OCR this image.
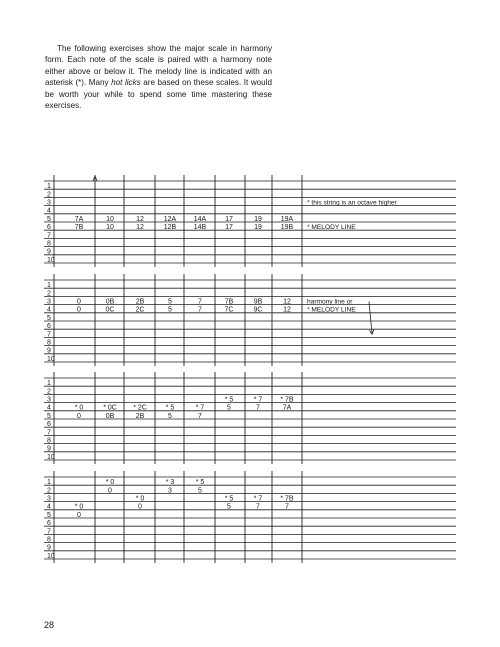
The following exercises show the major scale in harmony form. Each note of the scale is paired with a harmony note either above or below it. The melody line is indicated with an asterisk (*). Many hot licks are based on these scales. It would be worth your while to spend some time mastering these exercises.

1
2
3
4
5
6
7
8
9
10
7A
7B
10
10
12
12
12A
12B
14A
14B
17
17
19
19
19A
19B
* this string is an octave higher
* MELODY LINE
1
2
3
4
5
6
7
8
9
10
0
0
0B
0C
2B
2C
5
5
7
7
7B
7C
9B
9C
12
12
harmony line or
* MELODY LINE
1
2
3
4
5
6
7
8
9
10
* 0
0
* 0C
0B
* 2C
2B
* 5
5
* 7
7
* 5
5
* 7
7
* 7B
7A
1
2
3
4
5
6
7
8
9
10
* 0
0
* 0
0
* 0
0
* 3
3
* 5
5
* 5
5
* 7
7
* 7B
7
28
